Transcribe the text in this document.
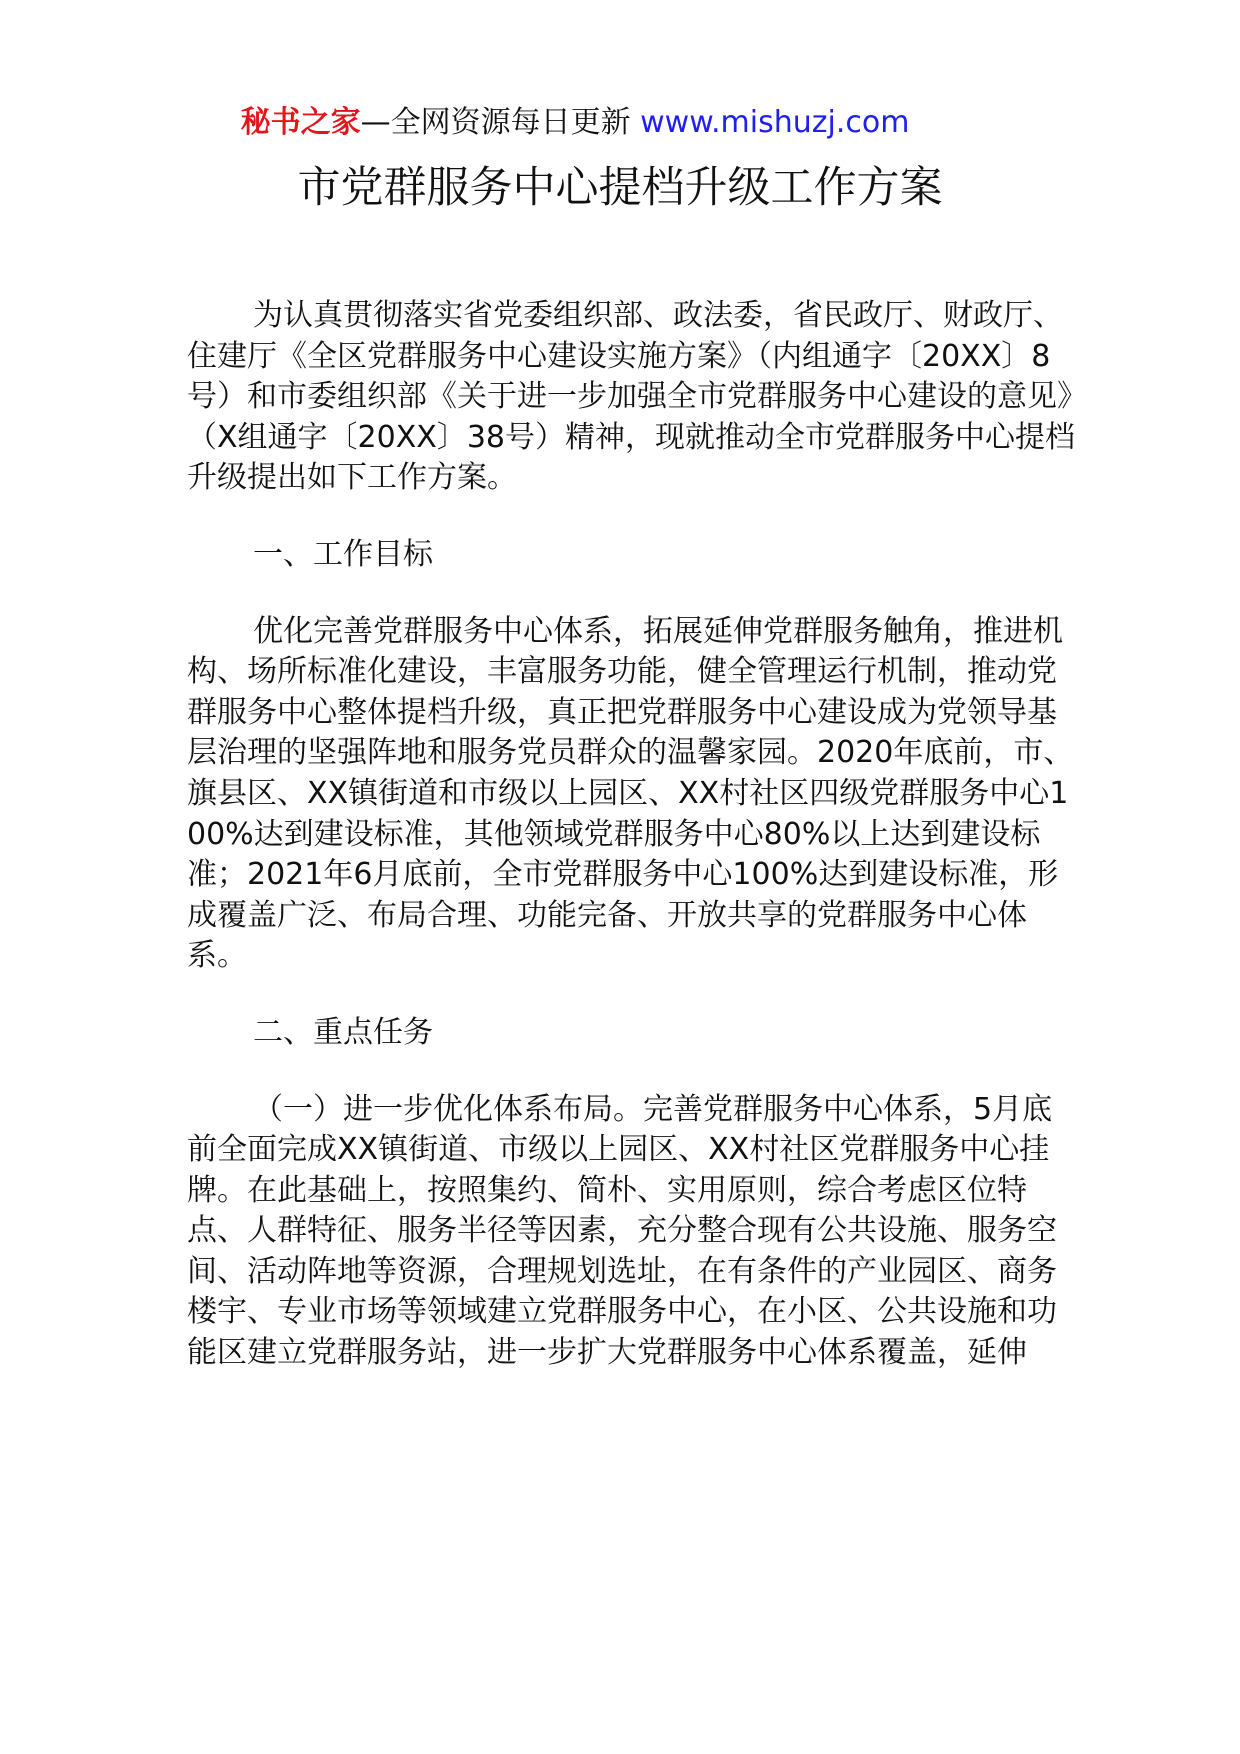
秘书之家—全网资源每日更新 www.mishuzj.com
市党群服务中心提档升级工作方案

为认真贯彻落实省党委组织部、政法委，省民政厅、财政厅、住建厅《全区党群服务中心建设实施方案》（内组通字〔20XX〕8号）和市委组织部《关于进一步加强全市党群服务中心建设的意见》（X组通字〔20XX〕38号）精神，现就推动全市党群服务中心提档升级提出如下工作方案。

一、工作目标

优化完善党群服务中心体系，拓展延伸党群服务触角，推进机构、场所标准化建设，丰富服务功能，健全管理运行机制，推动党群服务中心整体提档升级，真正把党群服务中心建设成为党领导基层治理的坚强阵地和服务党员群众的温馨家园。2020年底前，市、旗县区、XX镇街道和市级以上园区、XX村社区四级党群服务中心100%达到建设标准，其他领域党群服务中心80%以上达到建设标准；2021年6月底前，全市党群服务中心100%达到建设标准，形成覆盖广泛、布局合理、功能完备、开放共享的党群服务中心体系。

二、重点任务

（一）进一步优化体系布局。完善党群服务中心体系，5月底前全面完成XX镇街道、市级以上园区、XX村社区党群服务中心挂牌。在此基础上，按照集约、简朴、实用原则，综合考虑区位特点、人群特征、服务半径等因素，充分整合现有公共设施、服务空间、活动阵地等资源，合理规划选址，在有条件的产业园区、商务楼宇、专业市场等领域建立党群服务中心，在小区、公共设施和功能区建立党群服务站，进一步扩大党群服务中心体系覆盖，延伸
